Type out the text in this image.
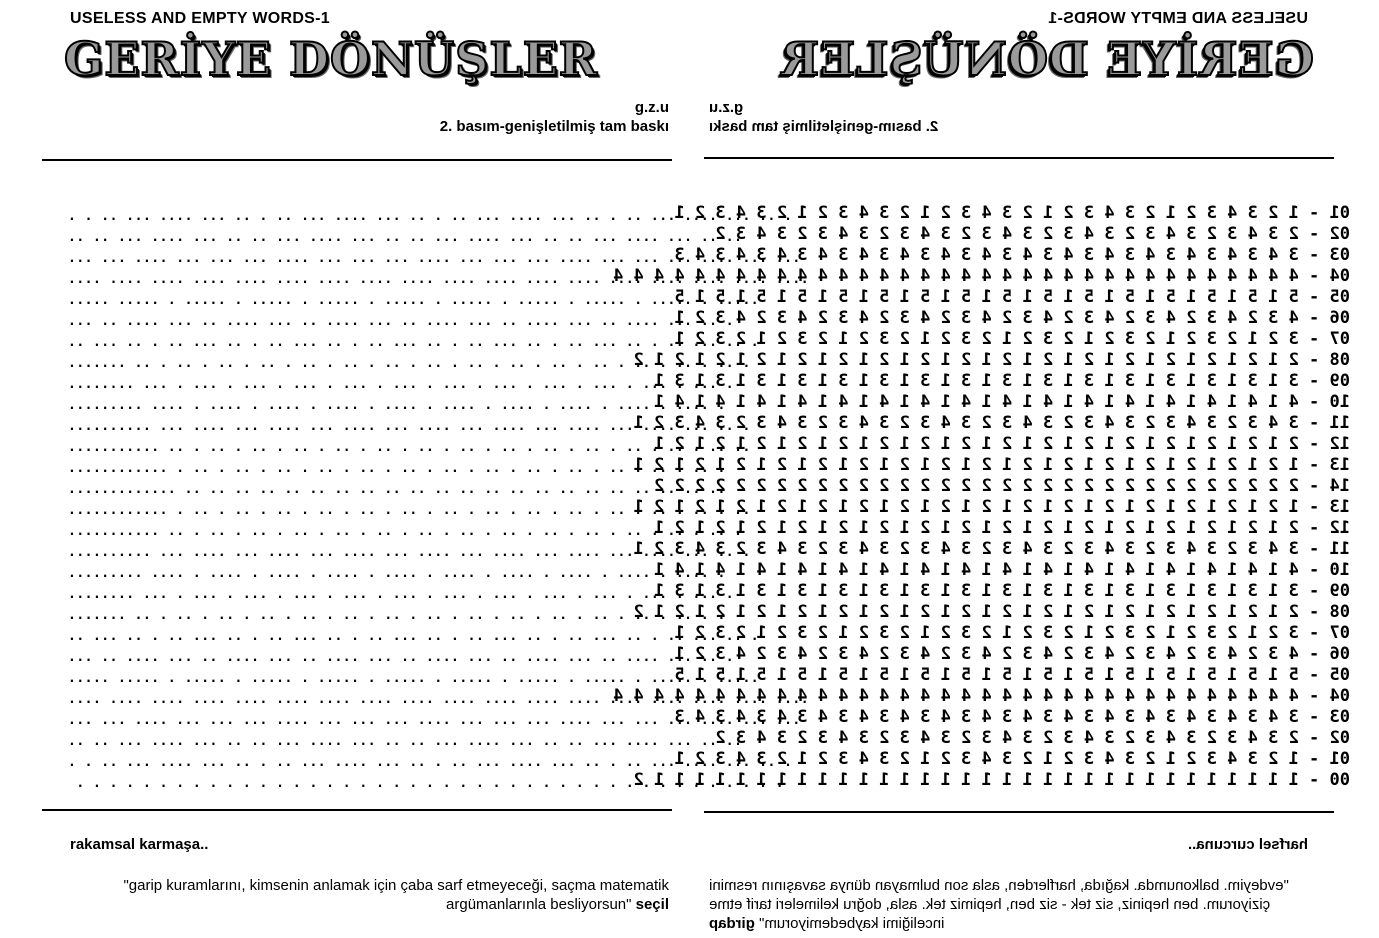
USELESS AND EMPTY WORDS-1
GERİYE DÖNÜŞLER
g.z.u
2. basım-genişletilmiş tam baskı
. . .. ... .... ... .. . .. ... .... ... .. . .. ... .... ... .. . .. ... .... ... .. .
.. .. ... .... ... .. .. ... .... ... .. .. ... .... ... .. .. ... .... ... .. ..
... ... .... ... ... ... .... ... ... ... .... ... ... ... .... ... ... ... .... ... ...
.... .... .... .... .... .... .... .... .... .... .... .... .... .... .... .... .... ....
..... ..... . ..... . ..... . ..... . ..... . ..... . ..... . ..... . ..... . .....
... .. .... ... .. .... ... .. .... ... .. .... ... .. .... ... .. .... ... .. .
.. ... .. . .. ... .. . .. ... .. . .. ... .. . .. ... .. . .. ... .. . .. ... .. .
....... .. . .. . .. . .. . .. . .. . .. . .. . .. . .. . .. . .. . .. . .. . .. .
........ ... . ... . ... . ... . ... . ... . ... . ... . ... . ... . ... . ... .
......... .... . .... . .... . .... . .... . .... . .... . .... . .... . .... .
.......... ... .... ... .... ... .... ... .... ... .... ... .... ... .... ... .. .
........... .. . .. . .. . .. . .. . .. . .. . .. . .. . .. . .. . .. . .. . .. ..
............ . .. . .. . .. . .. . .. . .. . .. . .. . .. . .. . .. . .. . .. .
............. .. .. .. .. .. .. .. .. .. .. .. .. .. .. .. .. .. .. .. .. .. ..
............ . .. . .. . .. . .. . .. . .. . .. . .. . .. . .. . .. . .. . .. . ..
........... .. . .. . .. . .. . .. . .. . .. . .. . .. . .. . .. . .. . .. . .. .
.......... ... .... ... .... ... .... ... .... ... .... ... .... ... .... ... .. .
......... .... . .... . .... . .... . .... . .... . .... . .... . .... . .... .
........ ... . ... . ... . ... . ... . ... . ... . ... . ... . ... . ... . ... .
....... .. . .. . .. . .. . .. . .. . .. . .. . .. . .. . .. . .. . .. . .. . .
.. ... .. . .. ... .. . .. ... .. . .. ... .. . .. ... .. . .. ... .. . .. ... .. .
... .. .... ... .. .... ... .. .... ... .. .... ... .. .... ... .. .... ... .. .
..... ..... . ..... . ..... . ..... . ..... . ..... . ..... . ..... . ..... . .....
.... .... .... .... .... .... .... .... .... .... .... .... .... .... .... .... .... ....
... ... .... ... ... ... .... ... ... ... .... ... ... ... .... ... ... ... .... ... ...
.. .. ... .... ... .. .. ... .... ... .. .. ... .... ... .. .. ... .... ... .. ..
. . .. ... .... ... .. . .. ... .... ... .. . .. ... .... ... .. . .. ... .... ... .. .
. . . . . . . . . . . . . . . . . . . . . . . . . . . . . . . . . . . . . . . . . . .
rakamsal karmaşa..
"garip kuramlarını, kimsenin anlamak için çaba sarf etmeyeceği, saçma matematik argümanlarınla besliyorsun" seçil
USELESS AND EMPTY WORDS-1
GERİYE DÖNÜŞLER
g.z.u
2. basım-genişletilmiş tam baskı
01 - 1 2 3 4 3 2 1 2 3 4 3 2 1 2 3 4 3 2 1 2 3 4 3 2 1 2 3 4 3 2 1
02 - 2 3 4 3 2 3 4 3 2 3 4 3 2 3 4 3 2 3 4 3 2 3 4 3 2 3 4 3 2
03 - 3 4 3 4 3 4 3 4 3 4 3 4 3 4 3 4 3 4 3 4 3 4 3 4 3 4 3 4 3 4 3
04 - 4 4 4 4 4 4 4 4 4 4 4 4 4 4 4 4 4 4 4 4 4 4 4 4 4 4 4 4 4 4 4 4 4 4
05 - 5 1 5 1 5 1 5 1 5 1 5 1 5 1 5 1 5 1 5 1 5 1 5 1 5 1 5 1 5 1 5
06 - 4 3 2 4 3 2 4 3 2 4 3 2 4 3 2 4 3 2 4 3 2 4 3 2 4 3 2 4 3 2 1
07 - 3 2 1 2 3 2 1 2 3 2 1 2 3 2 1 2 3 2 1 2 3 2 1 2 3 2 1 2 3 2 1
08 - 2 1 2 1 2 1 2 1 2 1 2 1 2 1 2 1 2 1 2 1 2 1 2 1 2 1 2 1 2 1 2 1 2
09 - 3 1 3 1 3 1 3 1 3 1 3 1 3 1 3 1 3 1 3 1 3 1 3 1 3 1 3 1 3 1 3 1
10 - 4 1 4 1 4 1 4 1 4 1 4 1 4 1 4 1 4 1 4 1 4 1 4 1 4 1 4 1 4 1 4 1
11 - 3 4 3 2 3 4 3 2 3 4 3 2 3 4 3 2 3 4 3 2 3 4 3 2 3 4 3 2 3 4 3 2 1
12 - 2 1 2 1 2 1 2 1 2 1 2 1 2 1 2 1 2 1 2 1 2 1 2 1 2 1 2 1 2 1 2 1
13 - 1 2 1 2 1 2 1 2 1 2 1 2 1 2 1 2 1 2 1 2 1 2 1 2 1 2 1 2 1 2 1 2 1
14 - 2 2 2 2 2 2 2 2 2 2 2 2 2 2 2 2 2 2 2 2 2 2 2 2 2 2 2 2 2 2 2 2
13 - 1 2 1 2 1 2 1 2 1 2 1 2 1 2 1 2 1 2 1 2 1 2 1 2 1 2 1 2 1 2 1 2 1
12 - 2 1 2 1 2 1 2 1 2 1 2 1 2 1 2 1 2 1 2 1 2 1 2 1 2 1 2 1 2 1 2 1
11 - 3 4 3 2 3 4 3 2 3 4 3 2 3 4 3 2 3 4 3 2 3 4 3 2 3 4 3 2 3 4 3 2 1
10 - 4 1 4 1 4 1 4 1 4 1 4 1 4 1 4 1 4 1 4 1 4 1 4 1 4 1 4 1 4 1 4 1
09 - 3 1 3 1 3 1 3 1 3 1 3 1 3 1 3 1 3 1 3 1 3 1 3 1 3 1 3 1 3 1 3 1
08 - 2 1 2 1 2 1 2 1 2 1 2 1 2 1 2 1 2 1 2 1 2 1 2 1 2 1 2 1 2 1 2 1 2
07 - 3 2 1 2 3 2 1 2 3 2 1 2 3 2 1 2 3 2 1 2 3 2 1 2 3 2 1 2 3 2 1
06 - 4 3 2 4 3 2 4 3 2 4 3 2 4 3 2 4 3 2 4 3 2 4 3 2 4 3 2 4 3 2 1
05 - 5 1 5 1 5 1 5 1 5 1 5 1 5 1 5 1 5 1 5 1 5 1 5 1 5 1 5 1 5 1 5
04 - 4 4 4 4 4 4 4 4 4 4 4 4 4 4 4 4 4 4 4 4 4 4 4 4 4 4 4 4 4 4 4 4 4 4
03 - 3 4 3 4 3 4 3 4 3 4 3 4 3 4 3 4 3 4 3 4 3 4 3 4 3 4 3 4 3 4 3
02 - 2 3 4 3 2 3 4 3 2 3 4 3 2 3 4 3 2 3 4 3 2 3 4 3 2 3 4 3 2
01 - 1 2 3 4 3 2 1 2 3 4 3 2 1 2 3 4 3 2 1 2 3 4 3 2 1 2 3 4 3 2 1
00 - 1 1 1 1 1 1 1 1 1 1 1 1 1 1 1 1 1 1 1 1 1 1 1 1 1 1 1 1 1 1 1 1 2
harfsel curcuna..
"evdeyim. balkonumda. kağıda, harflerden, asla son bulmayan dünya savaşının resmini çiziyorum. ben hepiniz, siz tek - siz ben, hepimiz tek. asla, doğru kelimeleri tarif etme inceliğimi kaybedemiyorum" girdap
